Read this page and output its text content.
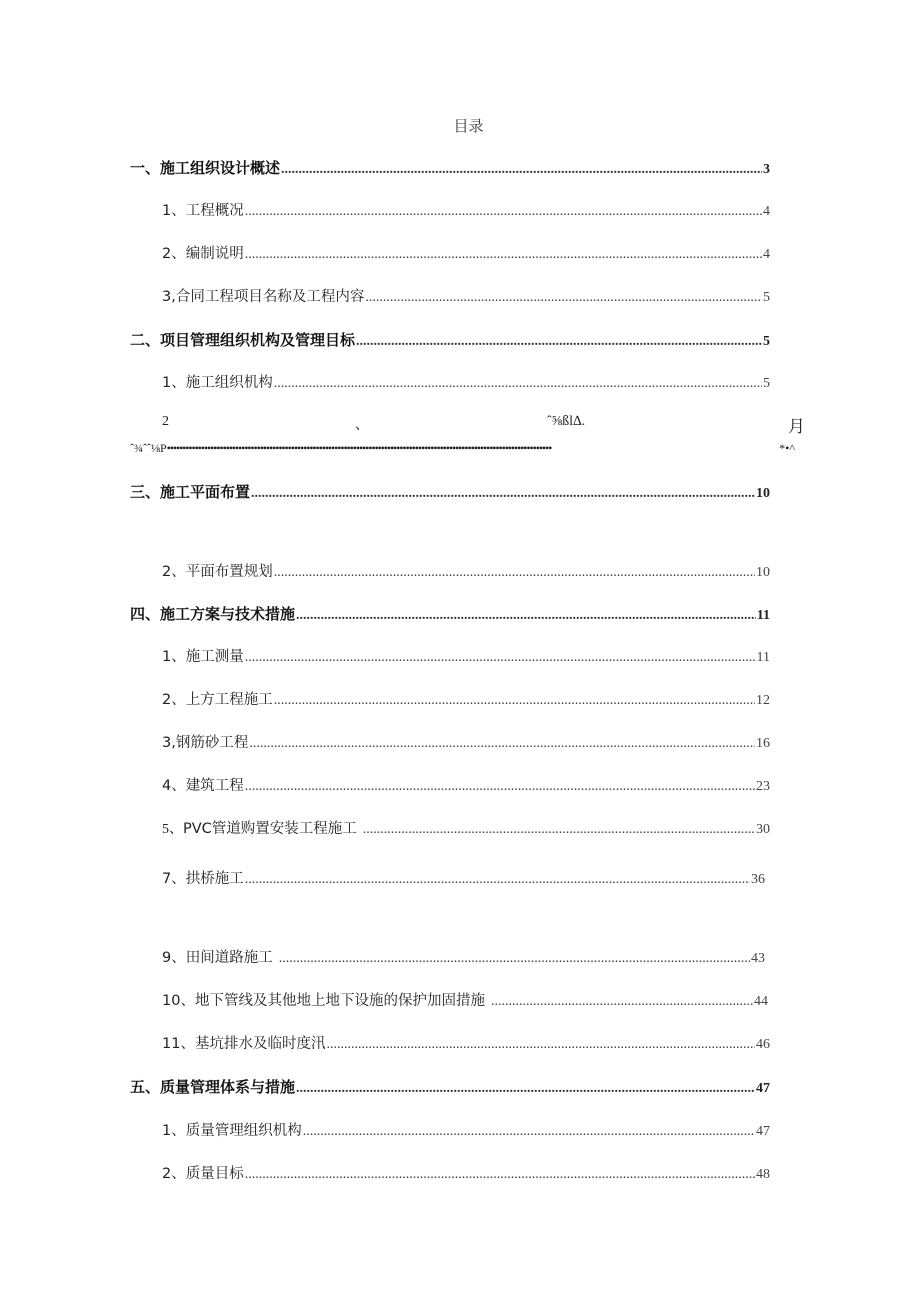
目录
一、施工组织设计概述 .....	3
1、工程概况 .....	4
2、编制说明 .....	4
3,合同工程项目名称及工程内容 .....	5
二、项目管理组织机构及管理目标 .....	5
1、施工组织机构 .....	5
2	、	ˆ⅝ßl∆.	月
ˆ¾ˆˆ⅛P ••••••••••••••••••••••••••••••••••••••••••••••••••••••••••••••••••••••••••••••••••••••••••••••••••••••••••••••••••••••••••••	*•^
三、施工平面布置 .....	10
2、平面布置规划 .....	10
四、施工方案与技术措施 .....	11
1、施工测量 .....	11
2、上方工程施工 .....	12
3,钢筋砂工程 .....	16
4、建筑工程 .....	23
5、 PVC管道购置安装工程施工 .....	30
7、拱桥施工 .....	36
9、田间道路施工 .....	43
10、地下管线及其他地上地下设施的保护加固措施 .....	44
11、基坑排水及临时度汛 .....	46
五、质量管理体系与措施 .....	47
1、质量管理组织机构 .....	47
2、质量目标 .....	48
